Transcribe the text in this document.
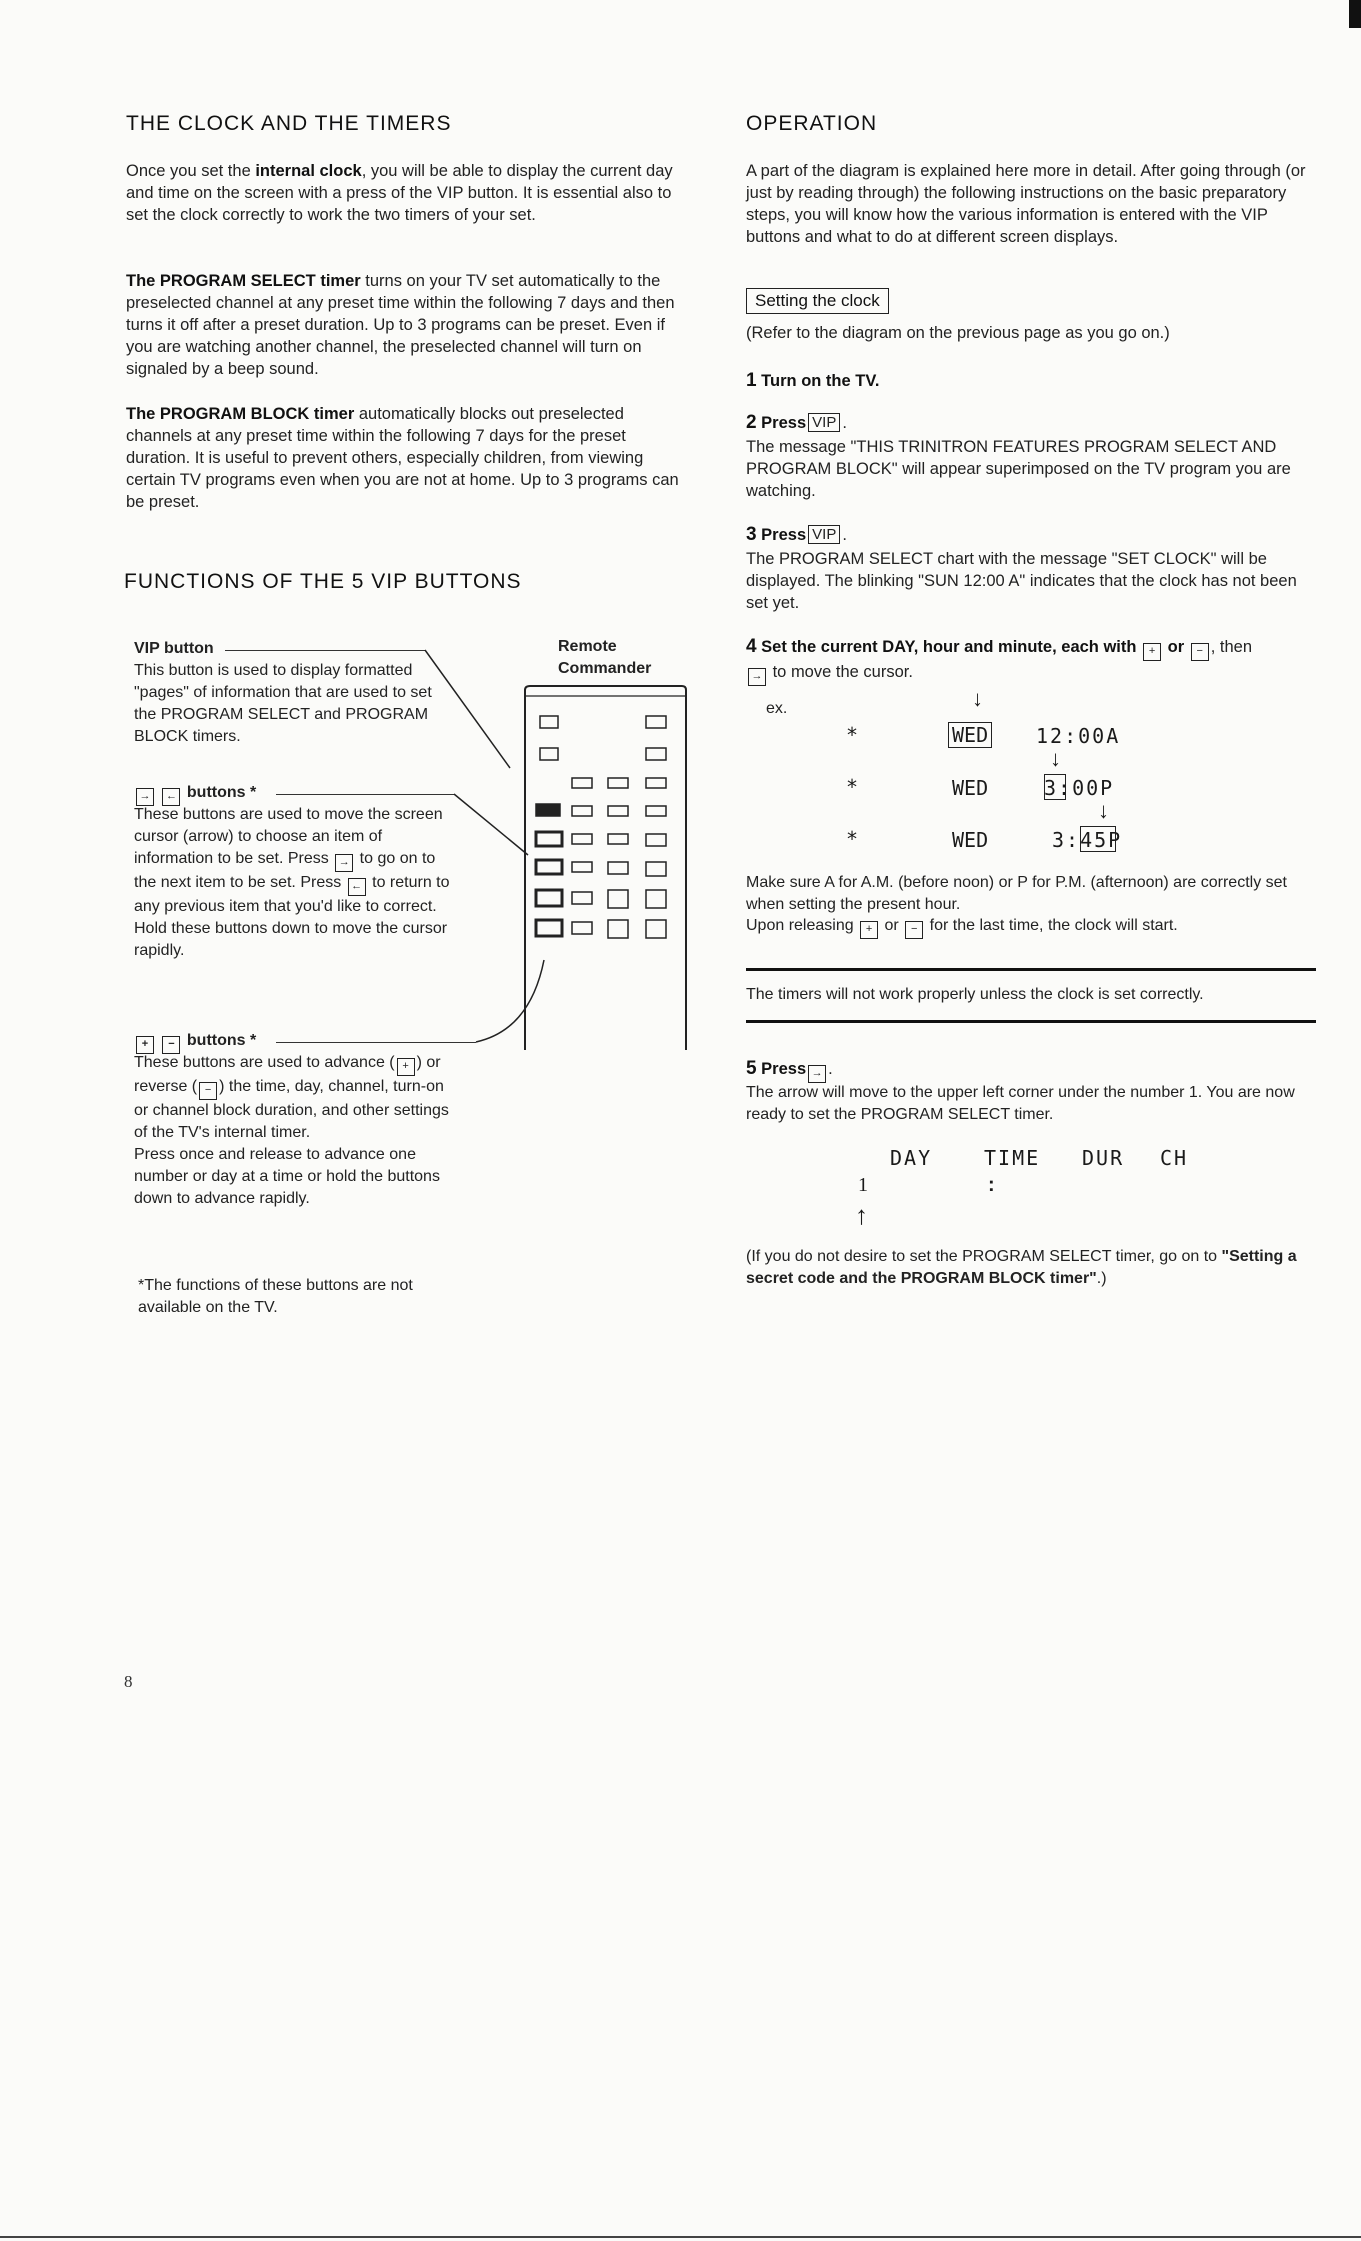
THE CLOCK AND THE TIMERS
Once you set the internal clock, you will be able to display the current day and time on the screen with a press of the VIP button. It is essential also to set the clock correctly to work the two timers of your set.
The PROGRAM SELECT timer turns on your TV set automatically to the preselected channel at any preset time within the following 7 days and then turns it off after a preset duration. Up to 3 programs can be preset. Even if you are watching another channel, the preselected channel will turn on signaled by a beep sound.
The PROGRAM BLOCK timer automatically blocks out preselected channels at any preset time within the following 7 days for the preset duration. It is useful to prevent others, especially children, from viewing certain TV programs even when you are not at home. Up to 3 programs can be preset.
FUNCTIONS OF THE 5 VIP BUTTONS
VIP button
This button is used to display formatted "pages" of information that are used to set the PROGRAM SELECT and PROGRAM BLOCK timers.
→ ← buttons *
These buttons are used to move the screen cursor (arrow) to choose an item of information to be set. Press → to go on to the next item to be set. Press ← to return to any previous item that you'd like to correct. Hold these buttons down to move the cursor rapidly.
+ − buttons *
These buttons are used to advance ( + ) or reverse ( − ) the time, day, channel, turn-on or channel block duration, and other settings of the TV's internal timer.
Press once and release to advance one number or day at a time or hold the buttons down to advance rapidly.
*The functions of these buttons are not available on the TV.
Remote
Commander
8
OPERATION
A part of the diagram is explained here more in detail. After going through (or just by reading through) the following instructions on the basic preparatory steps, you will know how the various information is entered with the VIP buttons and what to do at different screen displays.
Setting the clock
(Refer to the diagram on the previous page as you go on.)
1 Turn on the TV.
2 Press VIP .
The message "THIS TRINITRON FEATURES PROGRAM SELECT AND PROGRAM BLOCK" will appear superimposed on the TV program you are watching.
3 Press VIP .
The PROGRAM SELECT chart with the message "SET CLOCK" will be displayed. The blinking "SUN 12:00 A" indicates that the clock has not been set yet.
4 Set the current DAY, hour and minute, each with + or − , then
→ to move the cursor.
ex.	↓
*	WED 12:00A
↓
*	WED	3:00P
↓
*	WED	3:45P
Make sure A for A.M. (before noon) or P for P.M. (afternoon) are correctly set when setting the present hour.
Upon releasing + or − for the last time, the clock will start.
The timers will not work properly unless the clock is set correctly.
5 Press → .
The arrow will move to the upper left corner under the number 1. You are now ready to set the PROGRAM SELECT timer.
DAY	TIME DUR CH
1	:
↑
(If you do not desire to set the PROGRAM SELECT timer, go on to "Setting a secret code and the PROGRAM BLOCK timer".)
